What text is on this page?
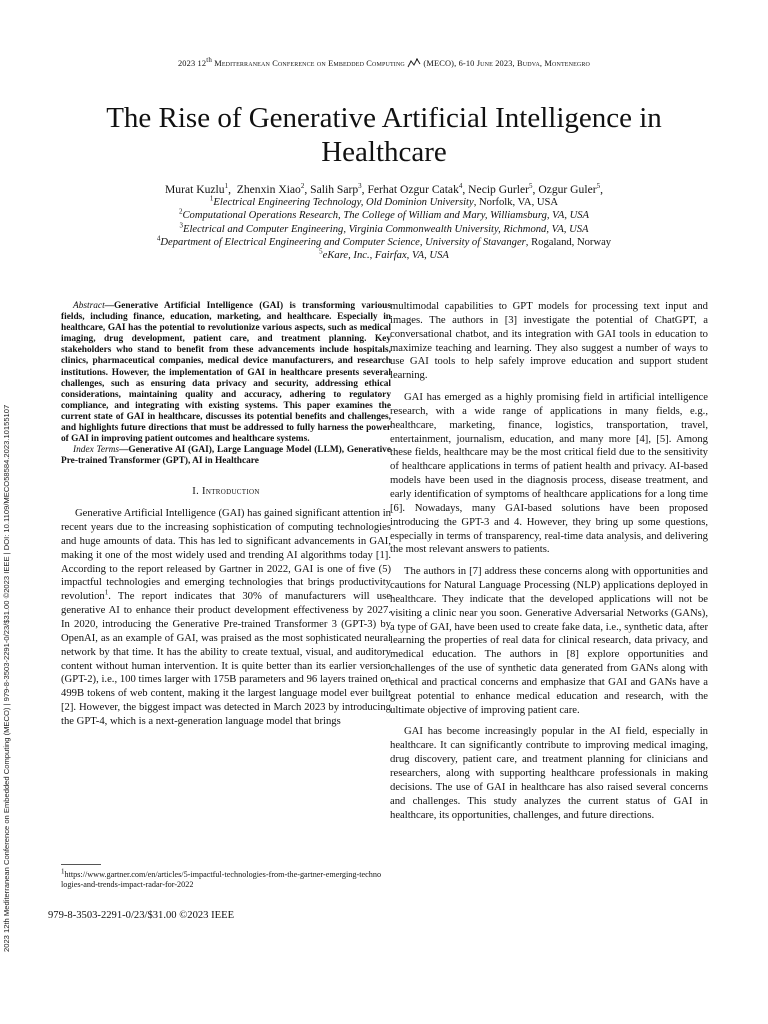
2023 12th Mediterranean Conference on Embedded Computing (MECO), 6-10 June 2023, Budva, Montenegro
2023 12th Mediterranean Conference on Embedded Computing (MECO) | 979-8-3503-2291-0/23/$31.00 ©2023 IEEE | DOI: 10.1109/MECO58584.2023.10155107
The Rise of Generative Artificial Intelligence in Healthcare
Murat Kuzlu$^1$,  Zhenxin Xiao$^2$, Salih Sarp$^3$, Ferhat Ozgur Catak$^4$, Necip Gurler$^5$, Ozgur Guler$^5$,
$^1$Electrical Engineering Technology, Old Dominion University, Norfolk, VA, USA
$^2$Computational Operations Research, The College of William and Mary, Williamsburg, VA, USA
$^3$Electrical and Computer Engineering, Virginia Commonwealth University, Richmond, VA, USA
$^4$Department of Electrical Engineering and Computer Science, University of Stavanger, Rogaland, Norway
$^5$eKare, Inc., Fairfax, VA, USA

Abstract—Generative Artificial Intelligence (GAI) is transforming various fields, including finance, education, marketing, and healthcare. Especially in healthcare, GAI has the potential to revolutionize various aspects, such as medical imaging, drug development, patient care, and treatment planning. Key stakeholders who stand to benefit from these advancements include hospitals, clinics, pharmaceutical companies, medical device manufacturers, and research institutions. However, the implementation of GAI in healthcare presents several challenges, such as ensuring data privacy and security, addressing ethical considerations, maintaining quality and accuracy, adhering to regulatory compliance, and integrating with existing systems. This paper examines the current state of GAI in healthcare, discusses its potential benefits and challenges, and highlights future directions that must be addressed to fully harness the power of GAI in improving patient outcomes and healthcare systems.

Index Terms—Generative AI (GAI), Large Language Model (LLM), Generative Pre-trained Transformer (GPT), AI in Healthcare

I. Introduction

Generative Artificial Intelligence (GAI) has gained significant attention in recent years due to the increasing sophistication of computing technologies and huge amounts of data. This has led to significant advancements in GAI, making it one of the most widely used and trending AI algorithms today [1]. According to the report released by Gartner in 2022, GAI is one of five (5) impactful technologies and emerging technologies that brings productivity revolution$^1$. The report indicates that 30% of manufacturers will use generative AI to enhance their product development effectiveness by 2027. In 2020, introducing the Generative Pre-trained Transformer 3 (GPT-3) by OpenAI, as an example of GAI, was praised as the most sophisticated neural network by that time. It has the ability to create textual, visual, and auditory content without human intervention. It is quite better than its earlier version (GPT-2), i.e., 100 times larger with 175B parameters and 96 layers trained on 499B tokens of web content, making it the largest language model ever built [2]. However, the biggest impact was detected in March 2023 by introducing the GPT-4, which is a next-generation language model that brings

multimodal capabilities to GPT models for processing text input and images. The authors in [3] investigate the potential of ChatGPT, a conversational chatbot, and its integration with GAI tools in education to maximize teaching and learning. They also suggest a number of ways to use GAI tools to help safely improve education and support student learning.

GAI has emerged as a highly promising field in artificial intelligence research, with a wide range of applications in many fields, e.g., healthcare, marketing, finance, logistics, transportation, travel, entertainment, journalism, education, and many more [4], [5]. Among these fields, healthcare may be the most critical field due to the sensitivity of healthcare applications in terms of patient health and privacy. AI-based models have been used in the diagnosis process, disease treatment, and early identification of symptoms of healthcare applications for a long time [6]. Nowadays, many GAI-based solutions have been proposed introducing the GPT-3 and 4. However, they bring up some questions, especially in terms of transparency, real-time data analysis, and delivering the most relevant answers to patients.

The authors in [7] address these concerns along with opportunities and cautions for Natural Language Processing (NLP) applications deployed in healthcare. They indicate that the developed applications will not be visiting a clinic near you soon. Generative Adversarial Networks (GANs), a type of GAI, have been used to create fake data, i.e., synthetic data, after learning the properties of real data for clinical research, data privacy, and medical education. The authors in [8] explore opportunities and challenges of the use of synthetic data generated from GANs along with ethical and practical concerns and emphasize that GAI and GANs have a great potential to enhance medical education and research, with the ultimate objective of improving patient care.

GAI has become increasingly popular in the AI field, especially in healthcare. It can significantly contribute to improving medical imaging, drug discovery, patient care, and treatment planning for clinicians and researchers, along with supporting healthcare professionals in making decisions. The use of GAI in healthcare has also raised several concerns and challenges. This study analyzes the current status of GAI in healthcare, its opportunities, challenges, and future directions.

$^1$https://www.gartner.com/en/articles/5-impactful-technologies-from-the-gartner-emerging-technologies-and-trends-impact-radar-for-2022
979-8-3503-2291-0/23/$31.00 ©2023 IEEE
